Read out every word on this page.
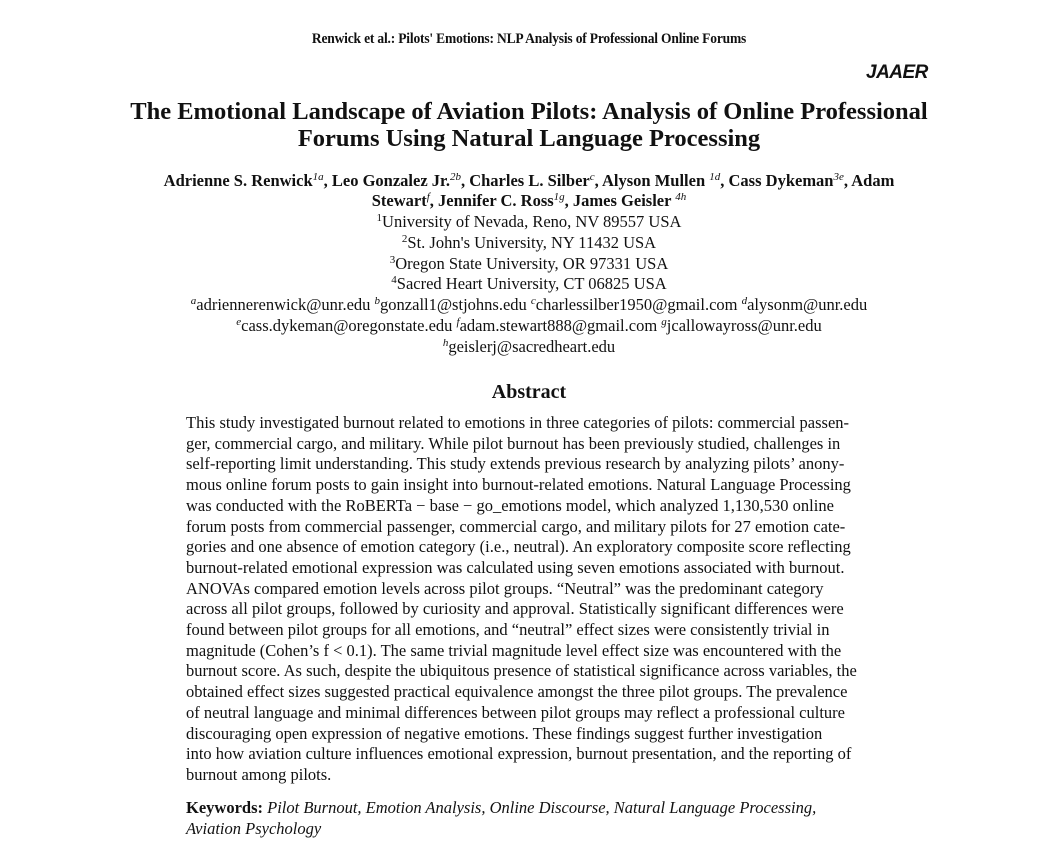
Renwick et al.: Pilots' Emotions: NLP Analysis of Professional Online Forums
JAAER
The Emotional Landscape of Aviation Pilots: Analysis of Online Professional
Forums Using Natural Language Processing
Adrienne S. Renwick$^{1a}$, Leo Gonzalez Jr.$^{2b}$, Charles L. Silber$^c$, Alyson Mullen $^{1d}$, Cass Dykeman$^{3e}$, Adam
Stewart$^f$, Jennifer C. Ross$^{1g}$, James Geisler $^{4h}$
$^1$University of Nevada, Reno, NV 89557 USA
$^2$St. John's University, NY 11432 USA
$^3$Oregon State University, OR 97331 USA
$^4$Sacred Heart University, CT 06825 USA
$^a$adriennerenwick@unr.edu $^b$gonzall1@stjohns.edu $^c$charlessilber1950@gmail.com $^d$alysonm@unr.edu
$^e$cass.dykeman@oregonstate.edu $^f$adam.stewart888@gmail.com $^g$jcallowayross@unr.edu
$^h$geislerj@sacredheart.edu
Abstract
This study investigated burnout related to emotions in three categories of pilots: commercial passen-
ger, commercial cargo, and military. While pilot burnout has been previously studied, challenges in
self-reporting limit understanding. This study extends previous research by analyzing pilots’ anony-
mous online forum posts to gain insight into burnout-related emotions. Natural Language Processing
was conducted with the RoBERTa − base − go_emotions model, which analyzed 1,130,530 online
forum posts from commercial passenger, commercial cargo, and military pilots for 27 emotion cate-
gories and one absence of emotion category (i.e., neutral). An exploratory composite score reflecting
burnout-related emotional expression was calculated using seven emotions associated with burnout.
ANOVAs compared emotion levels across pilot groups. “Neutral” was the predominant category
across all pilot groups, followed by curiosity and approval. Statistically significant differences were
found between pilot groups for all emotions, and “neutral” effect sizes were consistently trivial in
magnitude (Cohen’s f < 0.1). The same trivial magnitude level effect size was encountered with the
burnout score. As such, despite the ubiquitous presence of statistical significance across variables, the
obtained effect sizes suggested practical equivalence amongst the three pilot groups. The prevalence
of neutral language and minimal differences between pilot groups may reflect a professional culture
discouraging open expression of negative emotions. These findings suggest further investigation
into how aviation culture influences emotional expression, burnout presentation, and the reporting of
burnout among pilots.
Keywords: Pilot Burnout, Emotion Analysis, Online Discourse, Natural Language Processing,
Aviation Psychology
